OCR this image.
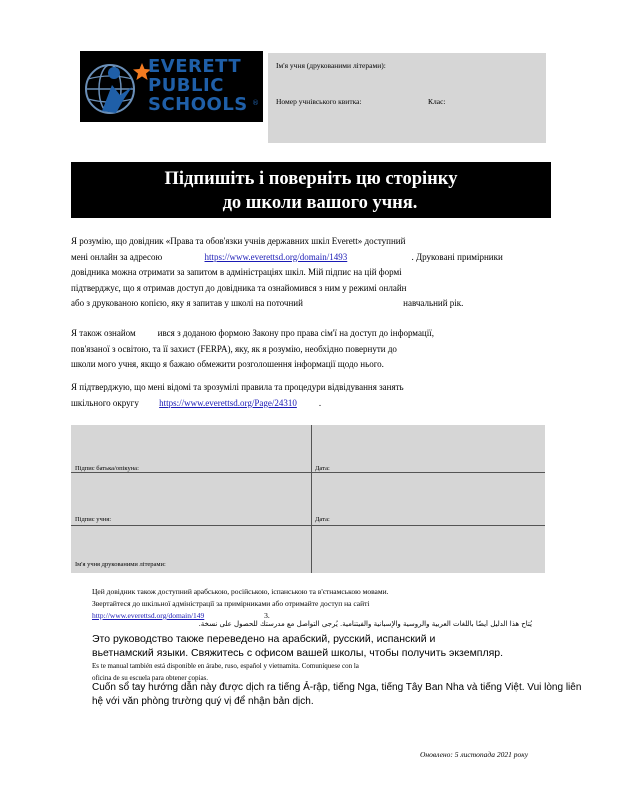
EVERETT
PUBLIC
SCHOOLS ®
Ім'я учня (друкованими літерами):
Номер учнівського квитка:	Клас:
Підпишіть і поверніть цю сторінку
до школи вашого учня.
Я розумію, що довідник «Права та обов'язки учнів державних шкіл Everett» доступний
мені онлайн за адресою	https://www.everettsd.org/domain/1493	. Друковані примірники
довідника можна отримати за запитом в адміністраціях шкіл. Мій підпис на цій формі
підтверджує, що я отримав доступ до довідника та ознайомився з ним у режимі онлайн
або з друкованою копією, яку я запитав у школі на поточний	навчальний рік.
Я також ознайом ився з доданою формою Закону про права сім'ї на доступ до інформації,
пов'язаної з освітою, та її захист (FERPA), яку, як я розумію, необхідно повернути до
школи мого учня, якщо я бажаю обмежити розголошення інформації щодо нього.
Я підтверджую, що мені відомі та зрозумілі правила та процедури відвідування занять
шкільного округу https://www.everettsd.org/Page/24310 .
Підпис батька/опікуна:	Дата:
Підпис учня:	Дата:
Ім'я учня друкованими літерами:
Цей довідник також доступний арабською, російською, іспанською та в'єтнамською мовами.
Звертайтеся до шкільної адміністрації за примірниками або отримайте доступ на сайті
http://www.everettsd.org/domain/149	3.
يُتاح هذا الدليل أيضًا باللغات العربية والروسية والإسبانية والفيتنامية. يُرجى التواصل مع مدرستك للحصول على نسخة.
Это руководство также переведено на арабский, русский, испанский и
вьетнамский языки. Свяжитесь с офисом вашей школы, чтобы получить экземпляр.
Es te manual también está disponible en árabe, ruso, español y vietnamita. Comuníquese con la
oficina de su escuela para obtener copias.
Cuốn sổ tay hướng dẫn này được dịch ra tiếng Ả-rập, tiếng Nga, tiếng Tây Ban Nha và tiếng Việt. Vui lòng liên
hệ với văn phòng trường quý vị để nhận bản dịch.
Оновлено: 5 листопада 2021 року
